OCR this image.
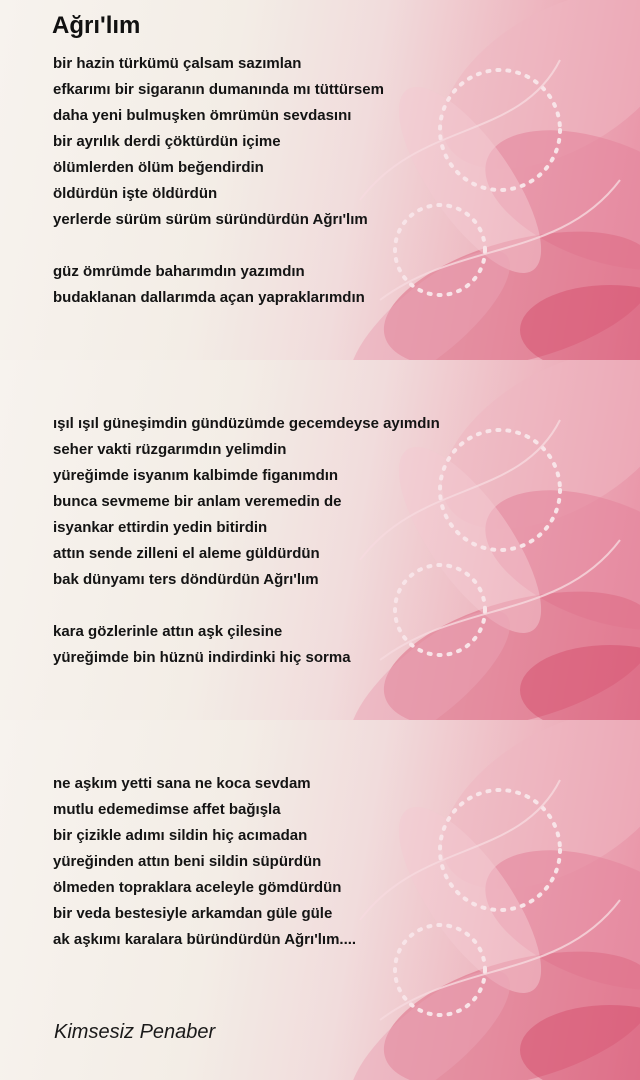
Ağrı'lım
bir hazin türkümü çalsam sazımlan
efkarımı bir sigaranın dumanında mı tüttürsem
daha yeni bulmuşken ömrümün sevdasını
bir ayrılık derdi çöktürdün içime
ölümlerden ölüm beğendirdin
öldürdün işte öldürdün
yerlerde sürüm sürüm süründürdün Ağrı'lım
güz ömrümde baharımdın yazımdın
budaklanan dallarımda açan yapraklarımdın
ışıl ışıl güneşimdin gündüzümde gecemdeyse ayımdın
seher vakti rüzgarımdın yelimdin
yüreğimde isyanım kalbimde figanımdın
bunca sevmeme bir anlam veremedin de
isyankar ettirdin yedin bitirdin
attın sende zilleni el aleme güldürdün
bak dünyamı ters döndürdün Ağrı'lım
kara gözlerinle attın aşk çilesine
yüreğimde bin hüznü indirdinki hiç sorma
ne aşkım yetti sana ne koca sevdam
mutlu edemedimse affet bağışla
bir çizikle adımı sildin hiç acımadan
yüreğinden attın beni sildin süpürdün
ölmeden topraklara aceleyle gömdürdün
bir veda bestesiyle arkamdan güle güle
ak aşkımı karalara büründürdün Ağrı'lım....
Kimsesiz Penaber
